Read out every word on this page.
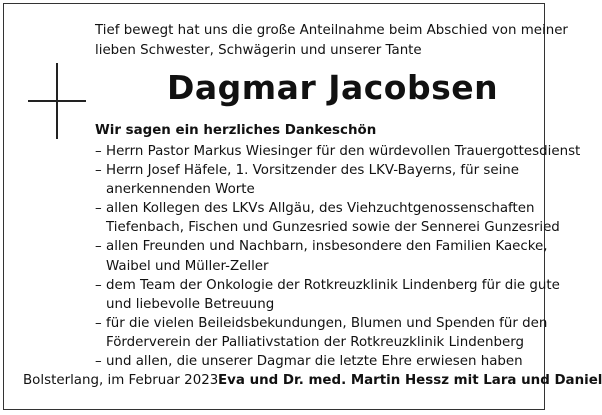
Tief bewegt hat uns die große Anteilnahme beim Abschied von meiner
lieben Schwester, Schwägerin und unserer Tante
Dagmar Jacobsen
Wir sagen ein herzliches Dankeschön
– Herrn Pastor Markus Wiesinger für den würdevollen Trauergottesdienst
– Herrn Josef Häfele, 1. Vorsitzender des LKV-Bayerns, für seine
anerkennenden Worte
– allen Kollegen des LKVs Allgäu, des Viehzuchtgenossenschaften
Tiefenbach, Fischen und Gunzesried sowie der Sennerei Gunzesried
– allen Freunden und Nachbarn, insbesondere den Familien Kaecke,
Waibel und Müller-Zeller
– dem Team der Onkologie der Rotkreuzklinik Lindenberg für die gute
und liebevolle Betreuung
– für die vielen Beileidsbekundungen, Blumen und Spenden für den
Förderverein der Palliativstation der Rotkreuzklinik Lindenberg
– und allen, die unserer Dagmar die letzte Ehre erwiesen haben
Bolsterlang, im Februar 2023 Eva und Dr. med. Martin Hessz mit Lara und Daniel
